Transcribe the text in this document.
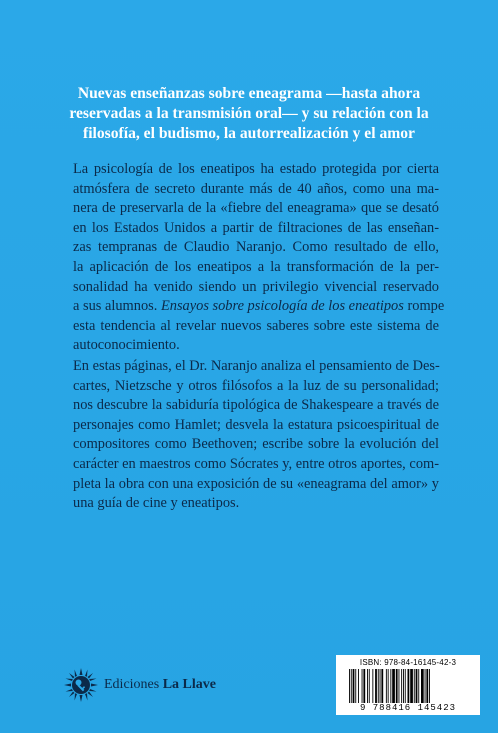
Nuevas enseñanzas sobre eneagrama —hasta ahora
reservadas a la transmisión oral— y su relación con la
filosofía, el budismo, la autorrealización y el amor
La psicología de los eneatipos ha estado protegida por cierta
atmósfera de secreto durante más de 40 años, como una ma-
nera de preservarla de la «fiebre del eneagrama» que se desató
en los Estados Unidos a partir de filtraciones de las enseñan-
zas tempranas de Claudio Naranjo. Como resultado de ello,
la aplicación de los eneatipos a la transformación de la per-
sonalidad ha venido siendo un privilegio vivencial reservado
a sus alumnos. Ensayos sobre psicología de los eneatipos rompe
esta tendencia al revelar nuevos saberes sobre este sistema de
autoconocimiento.
En estas páginas, el Dr. Naranjo analiza el pensamiento de Des-
cartes, Nietzsche y otros filósofos a la luz de su personalidad;
nos descubre la sabiduría tipológica de Shakespeare a través de
personajes como Hamlet; desvela la estatura psicoespiritual de
compositores como Beethoven; escribe sobre la evolución del
carácter en maestros como Sócrates y, entre otros aportes, com-
pleta la obra con una exposición de su «eneagrama del amor» y
una guía de cine y eneatipos.
Ediciones La Llave
ISBN: 978-84-16145-42-3
9 788416 145423
